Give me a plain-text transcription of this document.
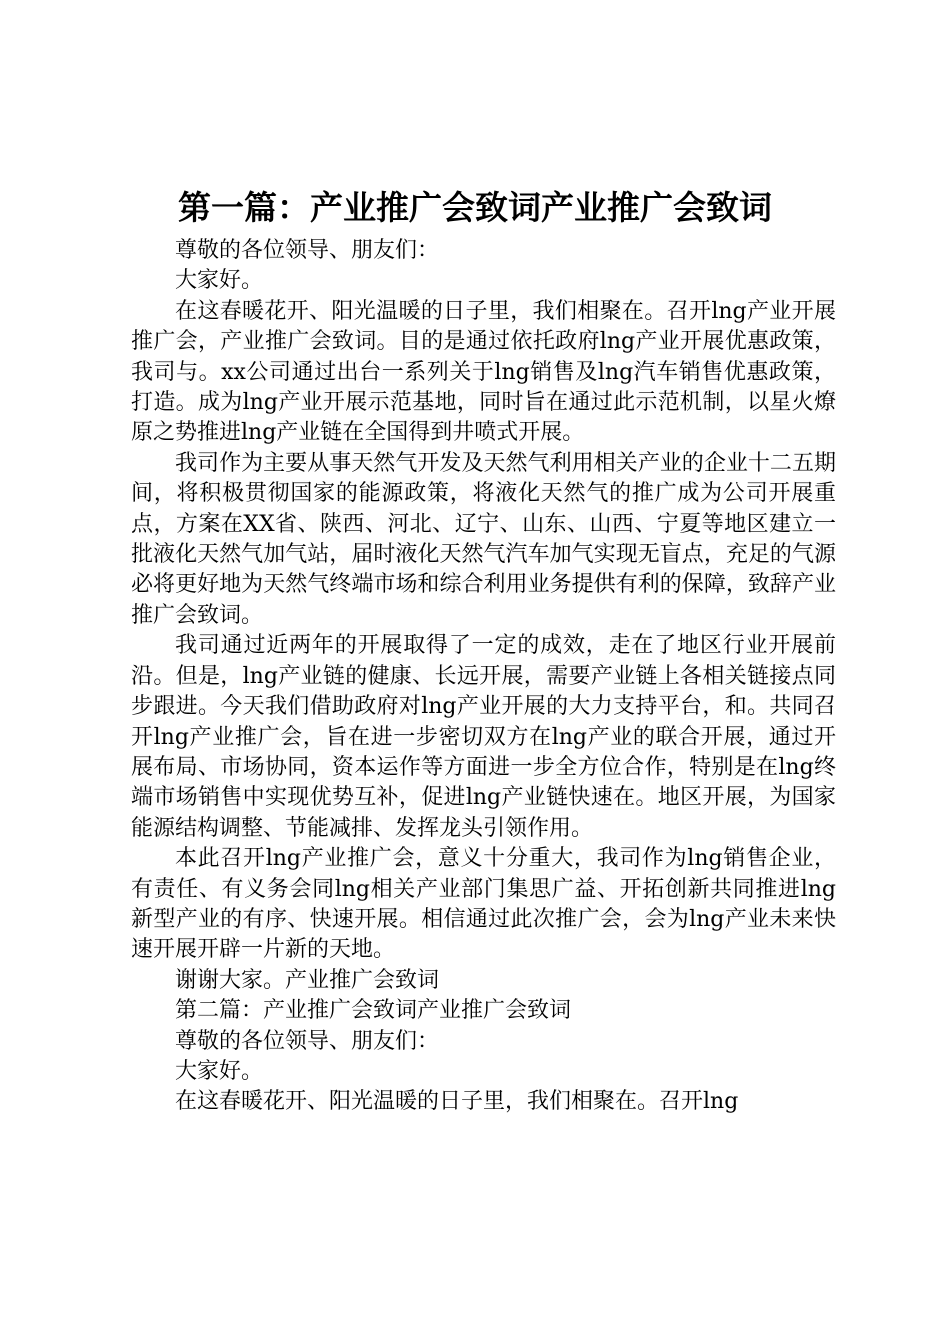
第一篇：产业推广会致词产业推广会致词

尊敬的各位领导、朋友们：

大家好。

在这春暖花开、阳光温暖的日子里，我们相聚在。召开lng产业开展推广会，产业推广会致词。目的是通过依托政府lng产业开展优惠政策，我司与。xx公司通过出台一系列关于lng销售及lng汽车销售优惠政策，打造。成为lng产业开展示范基地，同时旨在通过此示范机制，以星火燎原之势推进lng产业链在全国得到井喷式开展。

我司作为主要从事天然气开发及天然气利用相关产业的企业十二五期间，将积极贯彻国家的能源政策，将液化天然气的推广成为公司开展重点，方案在XX省、陕西、河北、辽宁、山东、山西、宁夏等地区建立一批液化天然气加气站，届时液化天然气汽车加气实现无盲点，充足的气源必将更好地为天然气终端市场和综合利用业务提供有利的保障，致辞产业推广会致词。

我司通过近两年的开展取得了一定的成效，走在了地区行业开展前沿。但是，lng产业链的健康、长远开展，需要产业链上各相关链接点同步跟进。今天我们借助政府对lng产业开展的大力支持平台，和。共同召开lng产业推广会，旨在进一步密切双方在lng产业的联合开展，通过开展布局、市场协同，资本运作等方面进一步全方位合作，特别是在lng终端市场销售中实现优势互补，促进lng产业链快速在。地区开展，为国家能源结构调整、节能减排、发挥龙头引领作用。

本此召开lng产业推广会，意义十分重大，我司作为lng销售企业，有责任、有义务会同lng相关产业部门集思广益、开拓创新共同推进lng新型产业的有序、快速开展。相信通过此次推广会，会为lng产业未来快速开展开辟一片新的天地。

谢谢大家。产业推广会致词

第二篇：产业推广会致词产业推广会致词

尊敬的各位领导、朋友们：

大家好。

在这春暖花开、阳光温暖的日子里，我们相聚在。召开lng
